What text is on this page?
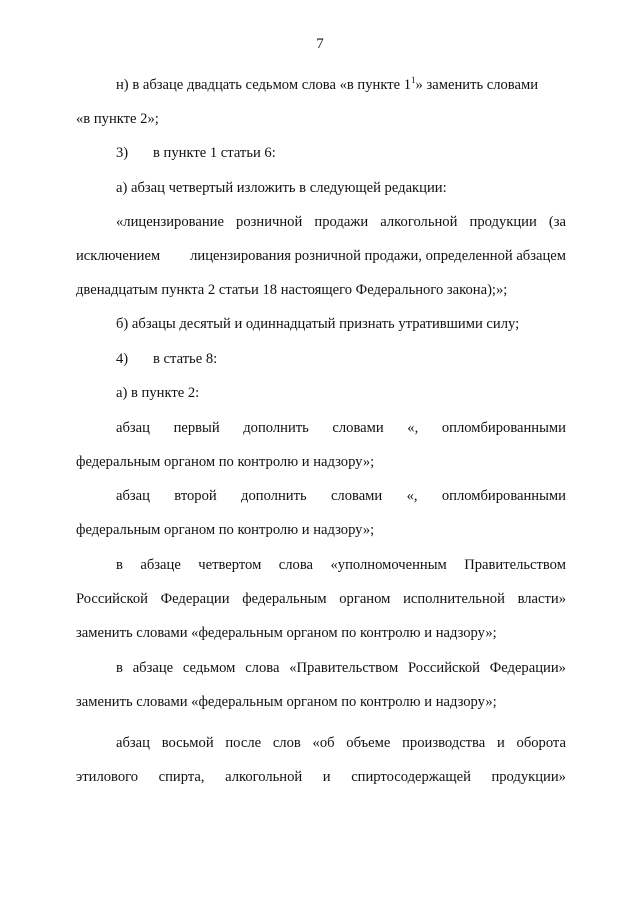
7
н) в абзаце двадцать седьмом слова «в пункте $1^1$» заменить словами
«в пункте 2»;
3)	в пункте 1 статьи 6:
а) абзац четвертый изложить в следующей редакции:
«лицензирование розничной продажи алкогольной продукции (за
исключением лицензирования розничной продажи, определенной абзацем
двенадцатым пункта 2 статьи 18 настоящего Федерального закона);»;
б) абзацы десятый и одиннадцатый признать утратившими силу;
4)	в статье 8:
а) в пункте 2:
абзац первый дополнить словами «, опломбированными
федеральным органом по контролю и надзору»;
абзац второй дополнить словами «, опломбированными
федеральным органом по контролю и надзору»;
в абзаце четвертом слова «уполномоченным Правительством
Российской Федерации федеральным органом исполнительной власти»
заменить словами «федеральным органом по контролю и надзору»;
в абзаце седьмом слова «Правительством Российской Федерации»
заменить словами «федеральным органом по контролю и надзору»;
абзац восьмой после слов «об объеме производства и оборота
этилового спирта, алкогольной и спиртосодержащей продукции»
